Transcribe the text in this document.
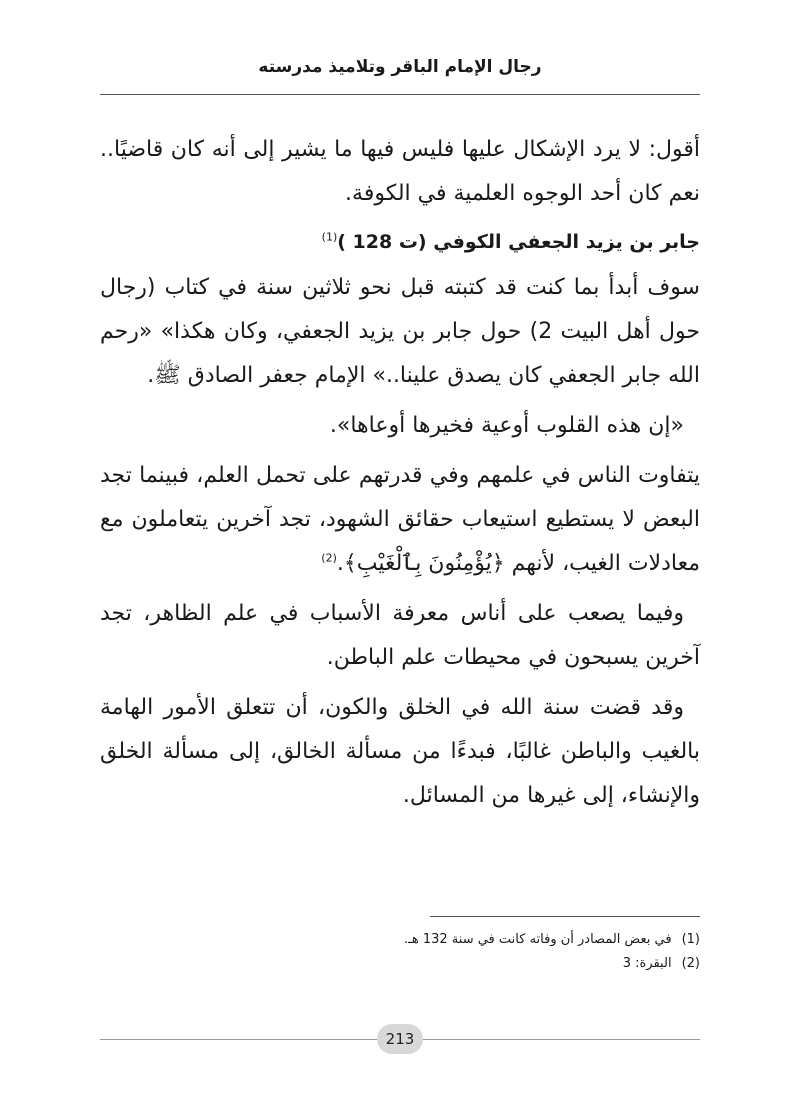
رجال الإمام الباقر وتلاميذ مدرسته

أقول: لا يرد الإشكال عليها فليس فيها ما يشير إلى أنه كان قاضيًا.. نعم كان أحد الوجوه العلمية في الكوفة.

جابر بن يزيد الجعفي الكوفي (ت 128 )$^{(1)}$

سوف أبدأ بما كنت قد كتبته قبل نحو ثلاثين سنة في كتاب (رجال حول أهل البيت 2) حول جابر بن يزيد الجعفي، وكان هكذا» «رحم الله جابر الجعفي كان يصدق علينا..» الإمام جعفر الصادق ﷺ.

«إن هذه القلوب أوعية فخيرها أوعاها».

يتفاوت الناس في علمهم وفي قدرتهم على تحمل العلم، فبينما تجد البعض لا يستطيع استيعاب حقائق الشهود، تجد آخرين يتعاملون مع معادلات الغيب، لأنهم ﴿يُؤْمِنُونَ بِٱلْغَيْبِ﴾.$^{(2)}$

وفيما يصعب على أناس معرفة الأسباب في علم الظاهر، تجد آخرين يسبحون في محيطات علم الباطن.

وقد قضت سنة الله في الخلق والكون، أن تتعلق الأمور الهامة بالغيب والباطن غالبًا، فبدءًا من مسألة الخالق، إلى مسألة الخلق والإنشاء، إلى غيرها من المسائل.

(1)
في بعض المصادر أن وفاته كانت في سنة 132 هـ.
(2)
البقرة: 3
213
